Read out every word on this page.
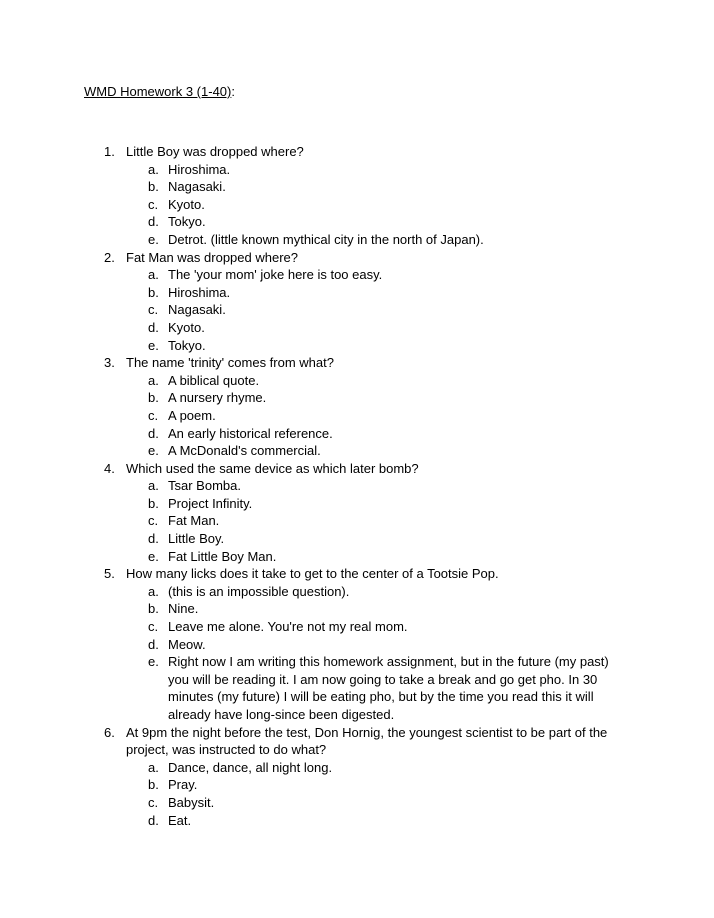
WMD Homework 3 (1-40):
1. Little Boy was dropped where?
a. Hiroshima.
b. Nagasaki.
c. Kyoto.
d. Tokyo.
e. Detrot. (little known mythical city in the north of Japan).
2. Fat Man was dropped where?
a. The 'your mom' joke here is too easy.
b. Hiroshima.
c. Nagasaki.
d. Kyoto.
e. Tokyo.
3. The name 'trinity' comes from what?
a. A biblical quote.
b. A nursery rhyme.
c. A poem.
d. An early historical reference.
e. A McDonald's commercial.
4. Which used the same device as which later bomb?
a. Tsar Bomba.
b. Project Infinity.
c. Fat Man.
d. Little Boy.
e. Fat Little Boy Man.
5. How many licks does it take to get to the center of a Tootsie Pop.
a. (this is an impossible question).
b. Nine.
c. Leave me alone. You're not my real mom.
d. Meow.
e. Right now I am writing this homework assignment, but in the future (my past) you will be reading it. I am now going to take a break and go get pho. In 30 minutes (my future) I will be eating pho, but by the time you read this it will already have long-since been digested.
6. At 9pm the night before the test, Don Hornig, the youngest scientist to be part of the project, was instructed to do what?
a. Dance, dance, all night long.
b. Pray.
c. Babysit.
d. Eat.
